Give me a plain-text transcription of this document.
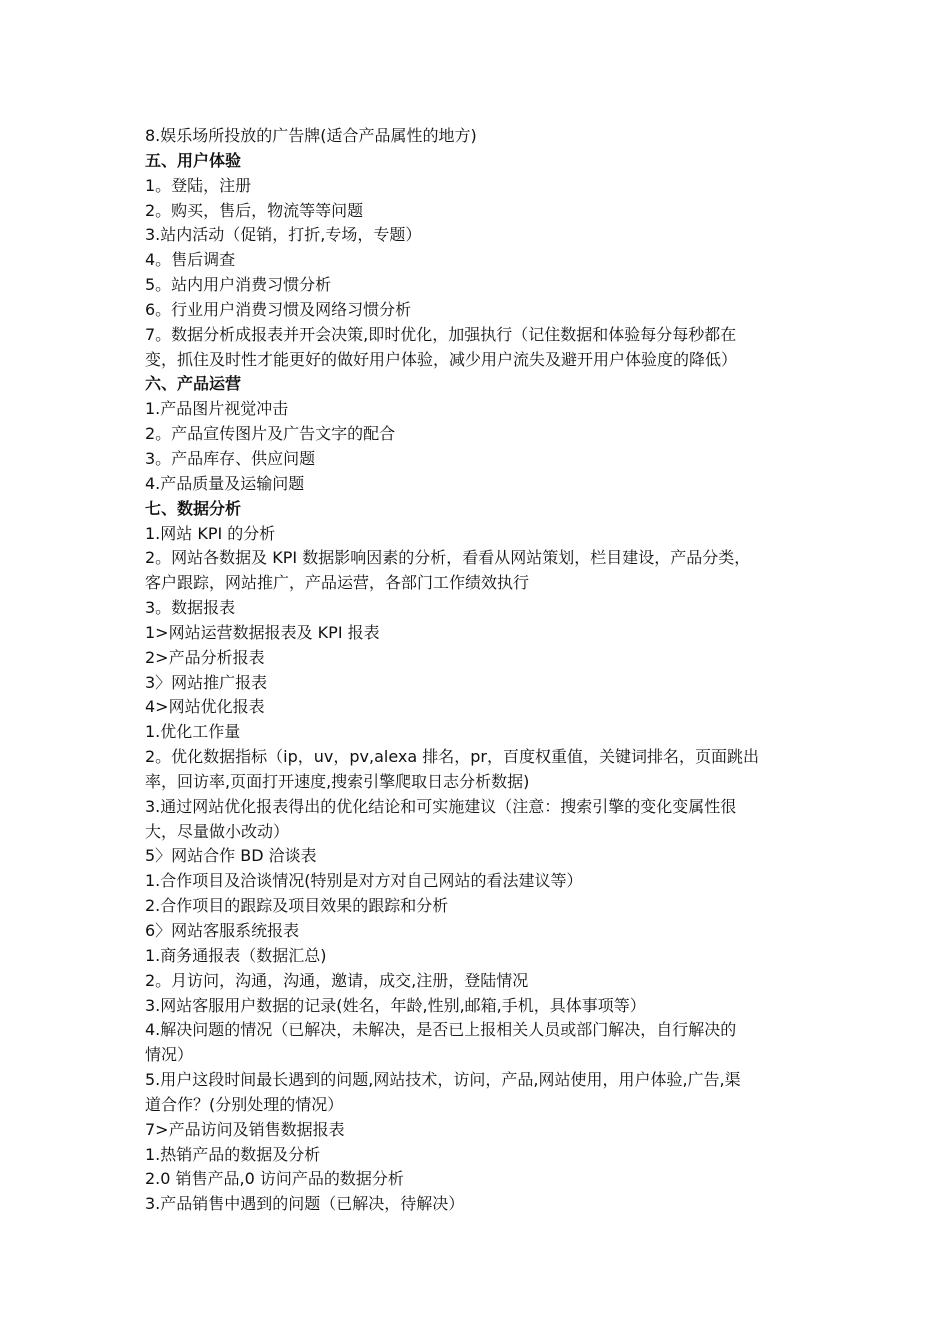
8.娱乐场所投放的广告牌(适合产品属性的地方)
五、用户体验
1。登陆，注册
2。购买，售后，物流等等问题
3.站内活动（促销，打折,专场，专题）
4。售后调查
5。站内用户消费习惯分析
6。行业用户消费习惯及网络习惯分析
7。数据分析成报表并开会决策,即时优化，加强执行（记住数据和体验每分每秒都在
变，抓住及时性才能更好的做好用户体验，减少用户流失及避开用户体验度的降低）
六、产品运营
1.产品图片视觉冲击
2。产品宣传图片及广告文字的配合
3。产品库存、供应问题
4.产品质量及运输问题
七、数据分析
1.网站 KPI 的分析
2。网站各数据及 KPI 数据影响因素的分析，看看从网站策划，栏目建设，产品分类，
客户跟踪，网站推广，产品运营，各部门工作绩效执行
3。数据报表
1>网站运营数据报表及 KPI 报表
2>产品分析报表
3〉网站推广报表
4>网站优化报表
1.优化工作量
2。优化数据指标（ip，uv，pv,alexa 排名，pr，百度权重值，关键词排名，页面跳出
率，回访率,页面打开速度,搜索引擎爬取日志分析数据)
3.通过网站优化报表得出的优化结论和可实施建议（注意：搜索引擎的变化变属性很
大，尽量做小改动）
5〉网站合作 BD 洽谈表
1.合作项目及洽谈情况(特别是对方对自己网站的看法建议等）
2.合作项目的跟踪及项目效果的跟踪和分析
6〉网站客服系统报表
1.商务通报表（数据汇总)
2。月访问，沟通，沟通，邀请，成交,注册，登陆情况
3.网站客服用户数据的记录(姓名，年龄,性别,邮箱,手机，具体事项等）
4.解决问题的情况（已解决，未解决，是否已上报相关人员或部门解决，自行解决的
情况）
5.用户这段时间最长遇到的问题,网站技术，访问，产品,网站使用，用户体验,广告,渠
道合作？(分别处理的情况）
7>产品访问及销售数据报表
1.热销产品的数据及分析
2.0 销售产品,0 访问产品的数据分析
3.产品销售中遇到的问题（已解决，待解决）
